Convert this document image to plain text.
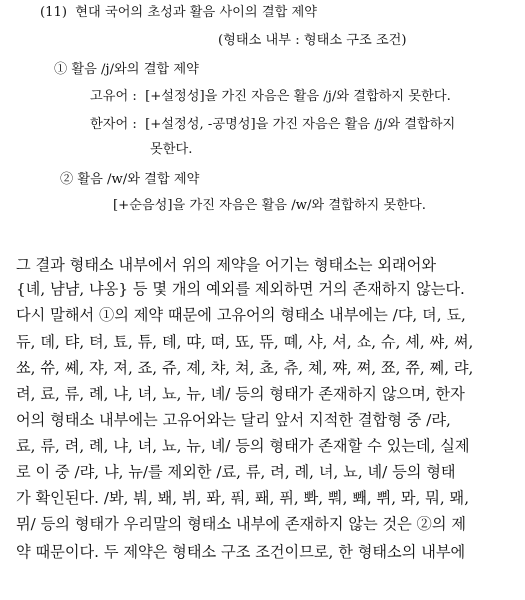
(11) 현대 국어의 초성과 활음 사이의 결합 제약
(형태소 내부 : 형태소 구조 조건)
① 활음 /j/와의 결합 제약
고유어 : [+설정성]을 가진 자음은 활음 /j/와 결합하지 못한다.
한자어 : [+설정성, -공명성]을 가진 자음은 활음 /j/와 결합하지
못한다.
② 활음 /w/와 결합 제약
[+순음성]을 가진 자음은 활음 /w/와 결합하지 못한다.
그 결과 형태소 내부에서 위의 제약을 어기는 형태소는 외래어와
{녜, 냠냠, 냐옹} 등 몇 개의 예외를 제외하면 거의 존재하지 않는다.
다시 말해서 ①의 제약 때문에 고유어의 형태소 내부에는 /댜, 뎌, 됴,
듀, 뎨, 탸, 텨, 툐, 튜, 톄, 땨, 뗘, 뚀, 뜌, 뗴, 샤, 셔, 쇼, 슈, 셰, 쌰, 쎠,
쑈, 쓔, 쎼, 쟈, 져, 죠, 쥬, 졔, 챠, 쳐, 쵸, 츄, 쳬, 쨔, 쪄, 쬬, 쮸, 쪠, 랴,
려, 료, 류, 례, 냐, 녀, 뇨, 뉴, 녜/ 등의 형태가 존재하지 않으며, 한자
어의 형태소 내부에는 고유어와는 달리 앞서 지적한 결합형 중 /랴,
료, 류, 려, 례, 냐, 녀, 뇨, 뉴, 녜/ 등의 형태가 존재할 수 있는데, 실제
로 이 중 /랴, 냐, 뉴/를 제외한 /료, 류, 려, 례, 녀, 뇨, 녜/ 등의 형태
가 확인된다. /봐, 붜, 봬, 뷔, 퐈, 풔, 퐤, 퓌, 뽜, 뿨, 뽸, 쀠, 뫄, 뭐, 뫠,
뮈/ 등의 형태가 우리말의 형태소 내부에 존재하지 않는 것은 ②의 제
약 때문이다. 두 제약은 형태소 구조 조건이므로, 한 형태소의 내부에
